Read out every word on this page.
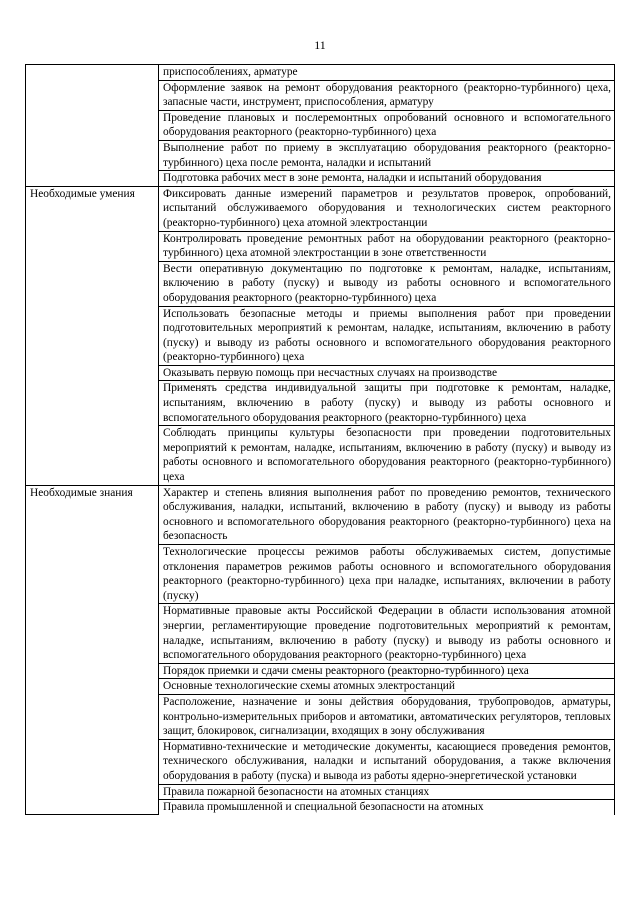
11
	приспособлениях, арматуре
	Оформление заявок на ремонт оборудования реакторного (реакторно-турбинного) цеха, запасные части, инструмент, приспособления, арматуру
	Проведение плановых и послеремонтных опробований основного и вспомогательного оборудования реакторного (реакторно-турбинного) цеха
	Выполнение работ по приему в эксплуатацию оборудования реакторного (реакторно-турбинного) цеха после ремонта, наладки и испытаний
	Подготовка рабочих мест в зоне ремонта, наладки и испытаний оборудования
Необходимые умения	Фиксировать данные измерений параметров и результатов проверок, опробований, испытаний обслуживаемого оборудования и технологических систем реакторного (реакторно-турбинного) цеха атомной электростанции
	Контролировать проведение ремонтных работ на оборудовании реакторного (реакторно-турбинного) цеха атомной электростанции в зоне ответственности
	Вести оперативную документацию по подготовке к ремонтам, наладке, испытаниям, включению в работу (пуску) и выводу из работы основного и вспомогательного оборудования реакторного (реакторно-турбинного) цеха
	Использовать безопасные методы и приемы выполнения работ при проведении подготовительных мероприятий к ремонтам, наладке, испытаниям, включению в работу (пуску) и выводу из работы основного и вспомогательного оборудования реакторного (реакторно-турбинного) цеха
	Оказывать первую помощь при несчастных случаях на производстве
	Применять средства индивидуальной защиты при подготовке к ремонтам, наладке, испытаниям, включению в работу (пуску) и выводу из работы основного и вспомогательного оборудования реакторного (реакторно-турбинного) цеха
	Соблюдать принципы культуры безопасности при проведении подготовительных мероприятий к ремонтам, наладке, испытаниям, включению в работу (пуску) и выводу из работы основного и вспомогательного оборудования реакторного (реакторно-турбинного) цеха
Необходимые знания	Характер и степень влияния выполнения работ по проведению ремонтов, технического обслуживания, наладки, испытаний, включению в работу (пуску) и выводу из работы основного и вспомогательного оборудования реакторного (реакторно-турбинного) цеха на безопасность
	Технологические процессы режимов работы обслуживаемых систем, допустимые отклонения параметров режимов работы основного и вспомогательного оборудования реакторного (реакторно-турбинного) цеха при наладке, испытаниях, включении в работу (пуску)
	Нормативные правовые акты Российской Федерации в области использования атомной энергии, регламентирующие проведение подготовительных мероприятий к ремонтам, наладке, испытаниям, включению в работу (пуску) и выводу из работы основного и вспомогательного оборудования реакторного (реакторно-турбинного) цеха
	Порядок приемки и сдачи смены реакторного (реакторно-турбинного) цеха
	Основные технологические схемы атомных электростанций
	Расположение, назначение и зоны действия оборудования, трубопроводов, арматуры, контрольно-измерительных приборов и автоматики, автоматических регуляторов, тепловых защит, блокировок, сигнализации, входящих в зону обслуживания
	Нормативно-технические и методические документы, касающиеся проведения ремонтов, технического обслуживания, наладки и испытаний оборудования, а также включения оборудования в работу (пуска) и вывода из работы ядерно-энергетической установки
	Правила пожарной безопасности на атомных станциях
	Правила промышленной и специальной безопасности на атомных
